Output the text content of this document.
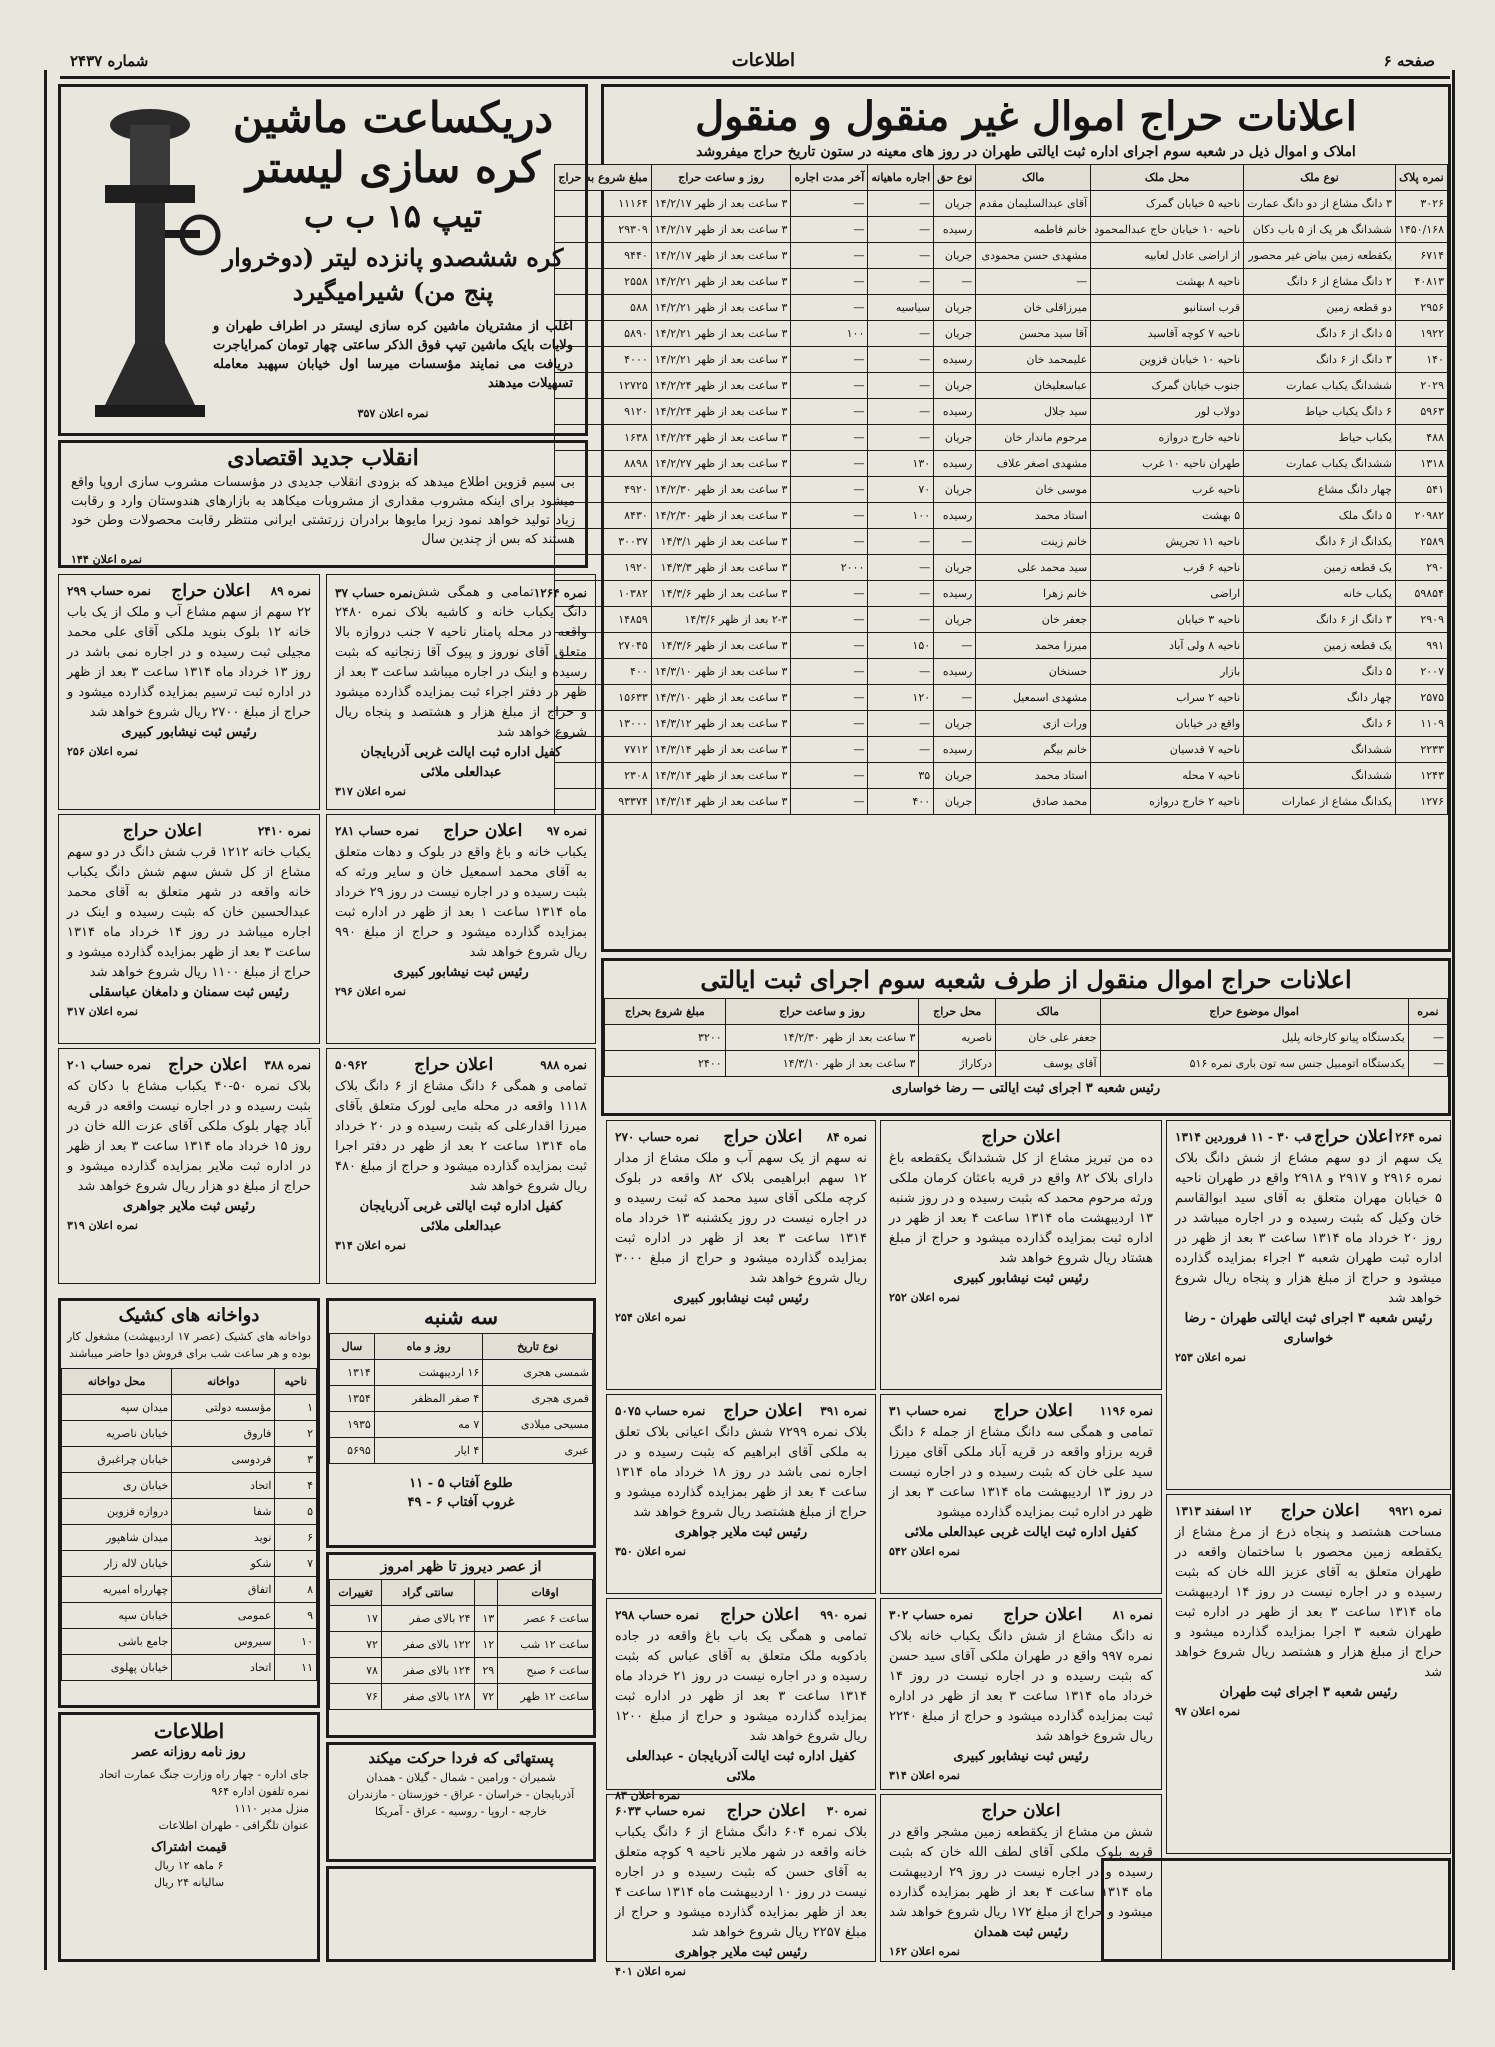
صفحه ۶
اطلاعات
شماره ۲۴۳۷
اعلانات حراج اموال غیر منقول و منقول
املاک و اموال ذیل در شعبه سوم اجرای اداره ثبت ایالتی طهران در روز های معینه در ستون تاریخ حراج میفروشد
نمره پلاک	نوع ملک	محل ملک	مالک	نوع حق	اجاره ماهیانه	آخر مدت اجاره	روز و ساعت حراج	مبلغ شروع به حراج
۳۰۲۶	۳ دانگ مشاع از دو دانگ عمارت	ناحیه ۵ خیابان گمرک	آقای عبدالسلیمان مقدم	جریان	—	—	۳ ساعت بعد از ظهر ۱۴/۲/۱۷	۱۱۱۶۴
۱۴۵۰/۱۶۸	ششدانگ هر یک از ۵ باب دکان	ناحیه ۱۰ خیابان حاج عبدالمحمود	خانم فاطمه	رسیده	—	—	۳ ساعت بعد از ظهر ۱۴/۲/۱۷	۲۹۳۰۹
۶۷۱۴	یکقطعه زمین بیاض غیر محصور	از اراضی عادل لعابیه	مشهدی حسن محمودی	جریان	—	—	۳ ساعت بعد از ظهر ۱۴/۲/۱۷	۹۴۴۰
۴۰۸۱۳	۲ دانگ مشاع از ۶ دانگ	ناحیه ۸ بهشت	—	—	—	—	۳ ساعت بعد از ظهر ۱۴/۲/۲۱	۲۵۵۸
۲۹۵۶	دو قطعه زمین	قرب استانبو	میرزاقلی خان	جریان	سیاسیه	—	۳ ساعت بعد از ظهر ۱۴/۲/۲۱	۵۸۸
۱۹۲۲	۵ دانگ از ۶ دانگ	ناحیه ۷ کوچه آقاسید	آقا سید محسن	جریان	—	۱۰۰	۳ ساعت بعد از ظهر ۱۴/۲/۲۱	۵۸۹۰
۱۴۰	۳ دانگ از ۶ دانگ	ناحیه ۱۰ خیابان قزوین	علیمحمد خان	رسیده	—	—	۳ ساعت بعد از ظهر ۱۴/۲/۲۱	۴۰۰۰
۲۰۲۹	ششدانگ یکباب عمارت	جنوب خیابان گمرک	عباسعلیخان	جریان	—	—	۳ ساعت بعد از ظهر ۱۴/۲/۲۴	۱۲۷۲۵
۵۹۶۳	۶ دانگ یکباب حیاط	دولاب لور	سید جلال	رسیده	—	—	۳ ساعت بعد از ظهر ۱۴/۲/۲۴	۹۱۲۰
۴۸۸	یکباب حیاط	ناحیه خارج دروازه	مرحوم ماندار خان	جریان	—	—	۳ ساعت بعد از ظهر ۱۴/۲/۲۴	۱۶۳۸
۱۳۱۸	ششدانگ یکباب عمارت	طهران ناحیه ۱۰ غرب	مشهدی اصغر علاف	رسیده	۱۳۰	—	۳ ساعت بعد از ظهر ۱۴/۲/۲۷	۸۸۹۸
۵۴۱	چهار دانگ مشاع	ناحیه غرب	موسی خان	جریان	۷۰	—	۳ ساعت بعد از ظهر ۱۴/۲/۳۰	۴۹۲۰
۲۰۹۸۲	۵ دانگ ملک	۵ بهشت	استاد محمد	رسیده	۱۰۰	—	۳ ساعت بعد از ظهر ۱۴/۲/۳۰	۸۴۳۰
۲۵۸۹	یکدانگ از ۶ دانگ	ناحیه ۱۱ تجریش	خانم زینت	—	—	—	۳ ساعت بعد از ظهر ۱۴/۳/۱	۳۰۰۳۷
۲۹۰	یک قطعه زمین	ناحیه ۶ قرب	سید محمد علی	جریان	—	۲۰۰۰	۳ ساعت بعد از ظهر ۱۴/۳/۳	۱۹۲۰
۵۹۸۵۴	یکباب خانه	اراضی	خانم زهرا	رسیده	—	—	۳ ساعت بعد از ظهر ۱۴/۳/۶	۱۰۳۸۲
۲۹۰۹	۳ دانگ از ۶ دانگ	ناحیه ۳ خیابان	جعفر خان	جریان	—	—	۲-۳ بعد از ظهر ۱۴/۳/۶	۱۴۸۵۹
۹۹۱	یک قطعه زمین	ناحیه ۸ ولی آباد	میرزا محمد	—	۱۵۰	—	۳ ساعت بعد از ظهر ۱۴/۳/۶	۲۷۰۴۵
۲۰۰۷	۵ دانگ	بازار	حسنخان	رسیده	—	—	۳ ساعت بعد از ظهر ۱۴/۳/۱۰	۴۰۰
۲۵۷۵	چهار دانگ	ناحیه ۲ سراب	مشهدی اسمعیل	—	۱۲۰	—	۳ ساعت بعد از ظهر ۱۴/۳/۱۰	۱۵۶۳۳
۱۱۰۹	۶ دانگ	واقع در خیابان	ورات ازی	جریان	—	—	۳ ساعت بعد از ظهر ۱۴/۳/۱۲	۱۳۰۰۰
۲۲۳۳	ششدانگ	ناحیه ۷ قدسیان	خانم بیگم	رسیده	—	—	۳ ساعت بعد از ظهر ۱۴/۳/۱۴	۷۷۱۲
۱۲۴۳	ششدانگ	ناحیه ۷ محله	استاد محمد	جریان	۳۵	—	۳ ساعت بعد از ظهر ۱۴/۳/۱۴	۲۳۰۸
۱۲۷۶	یکدانگ مشاع از عمارات	ناحیه ۲ خارج دروازه	محمد صادق	جریان	۴۰۰	—	۳ ساعت بعد از ظهر ۱۴/۳/۱۴	۹۳۳۷۴
اعلانات حراج اموال منقول از طرف شعبه سوم اجرای ثبت ایالتی
نمره	اموال موضوع حراج	مالک	محل حراج	روز و ساعت حراج	مبلغ شروع بحراج
—	یکدستگاه پیانو کارخانه پلیل	جعفر علی خان	ناصریه	۳ ساعت بعد از ظهر ۱۴/۲/۳۰	۳۲۰۰
—	یکدستگاه اتومبیل جنس سه تون باری نمره ۵۱۶	آقای یوسف	درکاراژ	۳ ساعت بعد از ظهر ۱۴/۳/۱۰	۲۴۰۰
رئیس شعبه ۳ اجرای ثبت ایالتی — رضا خواساری
دریکساعت ماشین
کره سازی لیستر
تیپ ۱۵ ب ب
کره ششصدو پانزده لیتر (دوخروار
پنج من) شیرامیگیرد
اغلب از مشتریان ماشین کره سازی لیستر در اطراف طهران و ولایات بایک ماشین تیپ فوق الذکر ساعتی چهار تومان کمرایاجرت دریافت می نمایند مؤسسات میرسا اول خیابان سپهبد معامله تسهیلات میدهند
نمره اعلان ۳۵۷
انقلاب جدید اقتصادی
بی سیم قزوین اطلاع میدهد که بزودی انقلاب جدیدی در مؤسسات مشروب سازی اروپا واقع میشود برای اینکه مشروب مقداری از مشروبات میکاهد به بازارهای هندوستان وارد و رقابت زیاد تولید خواهد نمود زیرا مایوها برادران زرتشتی ایرانی منتظر رقابت محصولات وطن خود هستند که بس از چندین سال
نمره اعلان ۱۴۴
نمره ۸۹
نمره حساب ۲۹۹	اعلان حراج
۲۲ سهم از سهم مشاع آب و ملک از یک باب خانه ۱۲ بلوک بنوید ملکی آقای علی محمد مجیلی ثبت رسیده و در اجاره نمی باشد در روز ۱۳ خرداد ماه ۱۳۱۴ ساعت ۳ بعد از ظهر در اداره ثبت ترسیم بمزایده گذارده میشود و حراج از مبلغ ۲۷۰۰ ریال شروع خواهد شد
رئیس ثبت نیشابور کبیری
نمره اعلان ۲۵۶
نمره ۱۲۶۴
نمره حساب ۳۷ تمامی و همگی شش دانگ یکباب خانه و کاشیه بلاک نمره ۲۴۸۰ واقعه در محله پامنار ناحیه ۷ جنب دروازه بالا متعلق آقای نوروز و پیوک آقا زنجانیه که بثبت رسیده و اینک در اجاره میباشد ساعت ۳ بعد از ظهر در دفتر اجراء ثبت بمزایده گذارده میشود و حراج از مبلغ هزار و هشتصد و پنجاه ریال شروع خواهد شد
کفیل اداره ثبت ایالت غربی آذربایجان عبدالعلی ملائی
نمره اعلان ۳۱۷
نمره ۲۴۱۰
اعلان حراج
یکباب خانه ۱۲۱۲ قرب شش دانگ در دو سهم مشاع از کل شش سهم شش دانگ یکباب خانه واقعه در شهر متعلق به آقای محمد عبدالحسین خان که بثبت رسیده و اینک در اجاره میباشد در روز ۱۴ خرداد ماه ۱۳۱۴ ساعت ۳ بعد از ظهر بمزایده گذارده میشود و حراج از مبلغ ۱۱۰۰ ریال شروع خواهد شد
رئیس ثبت سمنان و دامغان عباسقلی
نمره اعلان ۳۱۷
نمره ۹۸۸
۵۰۹۶۲	اعلان حراج
تمامی و همگی ۶ دانگ مشاع از ۶ دانگ بلاک ۱۱۱۸ واقعه در محله مایی لورک متعلق بآقای میرزا اقدارعلی که بثبت رسیده و در ۲۰ خرداد ماه ۱۳۱۴ ساعت ۲ بعد از ظهر در دفتر اجرا ثبت بمزایده گذارده میشود و حراج از مبلغ ۴۸۰ ریال شروع خواهد شد
کفیل اداره ثبت ایالتی غربی آذربایجان عبدالعلی ملائی
نمره اعلان ۳۱۴
نمره ۳۸۸
نمره حساب ۲۰۱	اعلان حراج
بلاک نمره ۵۰-۴۰ یکباب مشاع با دکان که بثبت رسیده و در اجاره نیست واقعه در قریه آباد چهار بلوک ملکی آقای عزت الله خان در روز ۱۵ خرداد ماه ۱۳۱۴ ساعت ۳ بعد از ظهر در اداره ثبت ملایر بمزایده گذارده میشود و حراج از مبلغ دو هزار ریال شروع خواهد شد
رئیس ثبت ملایر جواهری
نمره اعلان ۳۱۹
نمره ۹۷
نمره حساب ۲۸۱	اعلان حراج
یکباب خانه و باغ واقع در بلوک و دهات متعلق به آقای محمد اسمعیل خان و سایر ورثه که بثبت رسیده و در اجاره نیست در روز ۲۹ خرداد ماه ۱۳۱۴ ساعت ۱ بعد از ظهر در اداره ثبت بمزایده گذارده میشود و حراج از مبلغ ۹۹۰ ریال شروع خواهد شد
رئیس ثبت نیشابور کبیری
نمره اعلان ۲۹۶
نمره ۸۴
نمره حساب ۲۷۰	اعلان حراج
نه سهم از یک سهم آب و ملک مشاع از مدار ۱۲ سهم ابراهیمی بلاک ۸۲ واقعه در بلوک کرچه ملکی آقای سید محمد که ثبت رسیده و در اجاره نیست در روز یکشنبه ۱۳ خرداد ماه ۱۳۱۴ ساعت ۳ بعد از ظهر در اداره ثبت بمزایده گذارده میشود و حراج از مبلغ ۳۰۰۰ ریال شروع خواهد شد
رئیس ثبت نیشابور کبیری
نمره اعلان ۲۵۴
اعلان حراج
ده من تبریز مشاع از کل ششدانگ یکقطعه باغ دارای بلاک ۸۲ واقع در قریه باعثان کرمان ملکی ورثه مرحوم محمد که بثبت رسیده و در روز شنبه ۱۳ اردیبهشت ماه ۱۳۱۴ ساعت ۴ بعد از ظهر در اداره ثبت بمزایده گذارده میشود و حراج از مبلغ هشتاد ریال شروع خواهد شد
رئیس ثبت نیشابور کبیری
نمره اعلان ۲۵۲
نمره ۲۶۴
قب ۳۰ - ۱۱ فروردین ۱۳۱۴ اعلان حراج
یک سهم از دو سهم مشاع از شش دانگ بلاک نمره ۲۹۱۶ و ۲۹۱۷ و ۲۹۱۸ واقع در طهران ناحیه ۵ خیابان مهران متعلق به آقای سید ابوالقاسم خان وکیل که بثبت رسیده و در اجاره میباشد در روز ۲۰ خرداد ماه ۱۳۱۴ ساعت ۳ بعد از ظهر در اداره ثبت طهران شعبه ۳ اجراء بمزایده گذارده میشود و حراج از مبلغ هزار و پنجاه ریال شروع خواهد شد
رئیس شعبه ۳ اجرای ثبت ایالتی طهران - رضا خواساری
نمره اعلان ۲۵۳
نمره ۳۹۱
نمره حساب ۵۰۷۵	اعلان حراج
بلاک نمره ۷۲۹۹ شش دانگ اعیانی بلاک تعلق به ملکی آقای ابراهیم که بثبت رسیده و در اجاره نمی باشد در روز ۱۸ خرداد ماه ۱۳۱۴ ساعت ۴ بعد از ظهر بمزایده گذارده میشود و حراج از مبلغ هشتصد ریال شروع خواهد شد
رئیس ثبت ملایر جواهری
نمره اعلان ۳۵۰
نمره ۱۱۹۶
نمره حساب ۳۱	اعلان حراج
تمامی و همگی سه دانگ مشاع از جمله ۶ دانگ قریه برزاو واقعه در قریه آباد ملکی آقای میرزا سید علی خان که بثبت رسیده و در اجاره نیست در روز ۱۳ اردیبهشت ماه ۱۳۱۴ ساعت ۳ بعد از ظهر در اداره ثبت بمزایده گذارده میشود
کفیل اداره ثبت ایالت غربی عبدالعلی ملائی
نمره اعلان ۵۴۲
نمره ۹۹۰
نمره حساب ۲۹۸	اعلان حراج
تمامی و همگی یک باب باغ واقعه در جاده بادکوبه ملک متعلق به آقای عباس که بثبت رسیده و در اجاره نیست در روز ۲۱ خرداد ماه ۱۳۱۴ ساعت ۳ بعد از ظهر در اداره ثبت بمزایده گذارده میشود و حراج از مبلغ ۱۲۰۰ ریال شروع خواهد شد
کفیل اداره ثبت ایالت آذربایجان - عبدالعلی ملائی
نمره اعلان ۸۳
نمره ۸۱
نمره حساب ۳۰۲	اعلان حراج
نه دانگ مشاع از شش دانگ یکباب خانه بلاک نمره ۹۹۷ واقع در طهران ملکی آقای سید حسن که بثبت رسیده و در اجاره نیست در روز ۱۴ خرداد ماه ۱۳۱۴ ساعت ۳ بعد از ظهر در اداره ثبت بمزایده گذارده میشود و حراج از مبلغ ۲۲۴۰ ریال شروع خواهد شد
رئیس ثبت نیشابور کبیری
نمره اعلان ۳۱۴
نمره ۹۹۲۱
۱۲ اسفند ۱۳۱۳	اعلان حراج
مساحت هشتصد و پنجاه ذرع از مرغ مشاع از یکقطعه زمین محصور با ساختمان واقعه در طهران متعلق به آقای عزیز الله خان که بثبت رسیده و در اجاره نیست در روز ۱۴ اردیبهشت ماه ۱۳۱۴ ساعت ۳ بعد از ظهر در اداره ثبت طهران شعبه ۳ اجرا بمزایده گذارده میشود و حراج از مبلغ هزار و هشتصد ریال شروع خواهد شد
رئیس شعبه ۳ اجرای ثبت طهران
نمره اعلان ۹۷
نمره ۳۰
نمره حساب ۶۰۳۳	اعلان حراج
بلاک نمره ۶۰۴ دانگ مشاع از ۶ دانگ یکباب خانه واقعه در شهر ملایر ناحیه ۹ کوچه متعلق به آقای حسن که بثبت رسیده و در اجاره نیست در روز ۱۰ اردیبهشت ماه ۱۳۱۴ ساعت ۴ بعد از ظهر بمزایده گذارده میشود و حراج از مبلغ ۲۲۵۷ ریال شروع خواهد شد
رئیس ثبت ملایر جواهری
نمره اعلان ۴۰۱
اعلان حراج
شش من مشاع از یکقطعه زمین مشجر واقع در قریه بلوک ملکی آقای لطف الله خان که بثبت رسیده و در اجاره نیست در روز ۲۹ اردیبهشت ماه ۱۳۱۴ ساعت ۴ بعد از ظهر بمزایده گذارده میشود و حراج از مبلغ ۱۷۲ ریال شروع خواهد شد
رئیس ثبت همدان
نمره اعلان ۱۶۲
دواخانه های کشیک
دواخانه های کشیک (عصر ۱۷ اردیبهشت) مشغول کار بوده و هر ساعت شب برای فروش دوا حاضر میباشند
ناحیه	دواخانه	محل دواخانه
۱	مؤسسه دولتی	میدان سپه
۲	فاروق	خیابان ناصریه
۳	فردوسی	خیابان چراغبرق
۴	اتحاد	خیابان ری
۵	شفا	دروازه قزوین
۶	نوید	میدان شاهپور
۷	شکو	خیابان لاله زار
۸	اتفاق	چهارراه امیریه
۹	عمومی	خیابان سپه
۱۰	سیروس	جامع باشی
۱۱	اتحاد	خیابان پهلوی
سه شنبه
نوع تاریخ	روز و ماه	سال
شمسی هجری	۱۶ اردیبهشت	۱۳۱۴
قمری هجری	۴ صفر المظفر	۱۳۵۴
مسیحی میلادی	۷ مه	۱۹۳۵
عبری	۴ ایار	۵۶۹۵
طلوع آفتاب ۵ - ۱۱
غروب آفتاب ۶ - ۴۹
از عصر دیروز تا ظهر امروز
اوقات		سانتی گراد	تغییرات
ساعت ۶ عصر	۱۳	۲۴ بالای صفر	۱۷
ساعت ۱۲ شب	۱۲	۱۲۲ بالای صفر	۷۲
ساعت ۶ صبح	۲۹	۱۲۴ بالای صفر	۷۸
ساعت ۱۲ ظهر	۷۲	۱۲۸ بالای صفر	۷۶
پستهائی که فردا حرکت میکند
شمیران - ورامین - شمال - گیلان - همدان
آذربایجان - خراسان - عراق - خوزستان - مازندران
خارجه - اروپا - روسیه - عراق - آمریکا
اطلاعات
روز نامه روزانه عصر
جای اداره - چهار راه وزارت جنگ عمارت اتحاد
نمره تلفون اداره ۹۶۴
منزل مدیر ۱۱۱۰
عنوان تلگرافی - طهران اطلاعات
قیمت اشتراک
۶ ماهه ۱۲ ریال
سالیانه ۲۴ ریال
